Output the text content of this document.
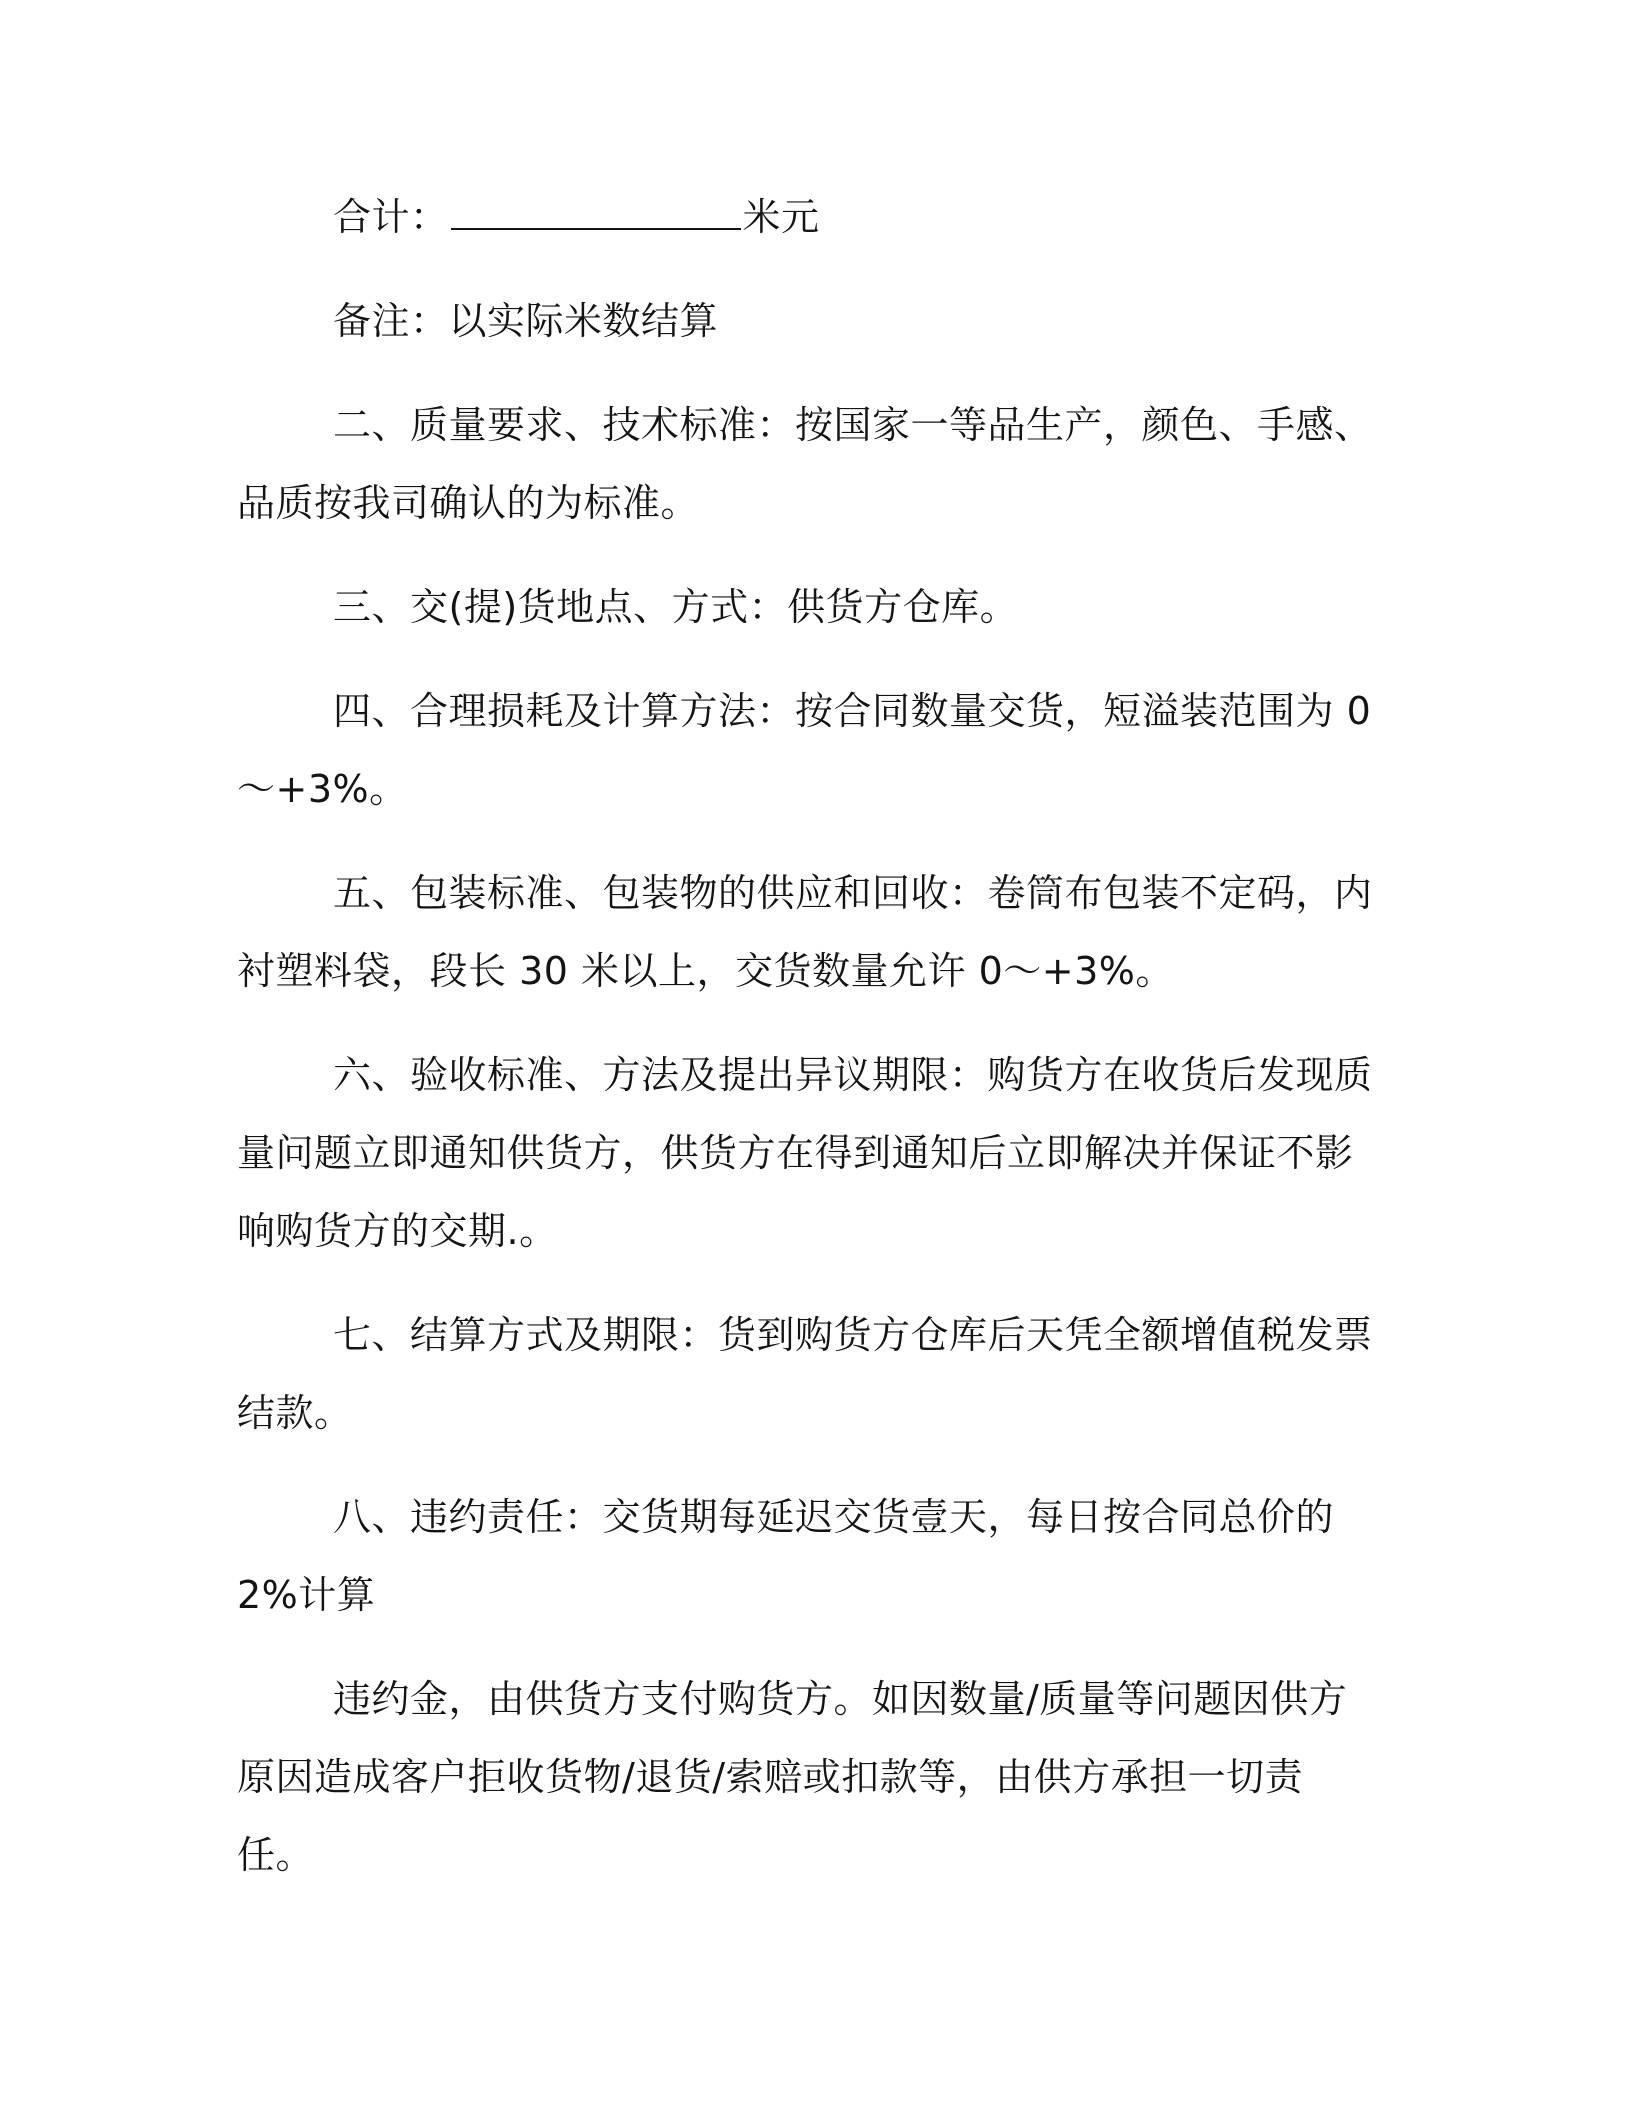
合计：	米元

备注：以实际米数结算

二、质量要求、技术标准：按国家一等品生产，颜色、手感、品质按我司确认的为标准。

三、交(提)货地点、方式：供货方仓库。

四、合理损耗及计算方法：按合同数量交货，短溢装范围为 0～+3%。

五、包装标准、包装物的供应和回收：卷筒布包装不定码，内衬塑料袋，段长 30 米以上，交货数量允许 0～+3%。

六、验收标准、方法及提出异议期限：购货方在收货后发现质量问题立即通知供货方，供货方在得到通知后立即解决并保证不影响购货方的交期.。

七、结算方式及期限：货到购货方仓库后天凭全额增值税发票结款。

八、违约责任：交货期每延迟交货壹天，每日按合同总价的 2%计算

违约金，由供货方支付购货方。如因数量/质量等问题因供方原因造成客户拒收货物/退货/索赔或扣款等，由供方承担一切责任。
